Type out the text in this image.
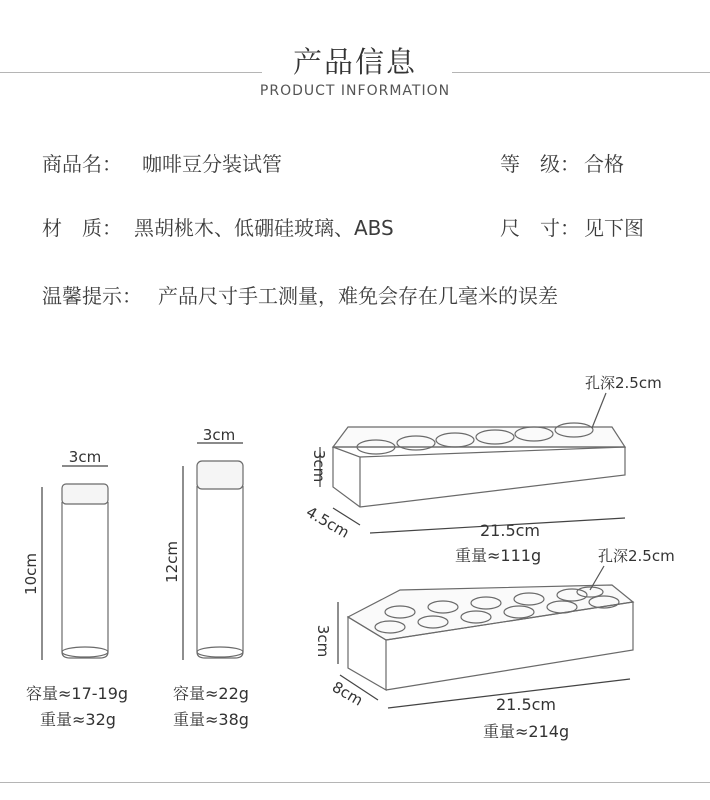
产品信息
PRODUCT INFORMATION
商品名： 咖啡豆分装试管	等　级： 合格
材　质： 黑胡桃木、低硼硅玻璃、ABS	尺　寸： 见下图
温馨提示： 产品尺寸手工测量，难免会存在几毫米的误差
3cm
10cm
容量≈17-19g
重量≈32g
3cm
12cm
容量≈22g
重量≈38g
孔深2.5cm
3cm
4.5cm	21.5cm
重量≈111g	孔深2.5cm
3cm
8cm	21.5cm
重量≈214g
